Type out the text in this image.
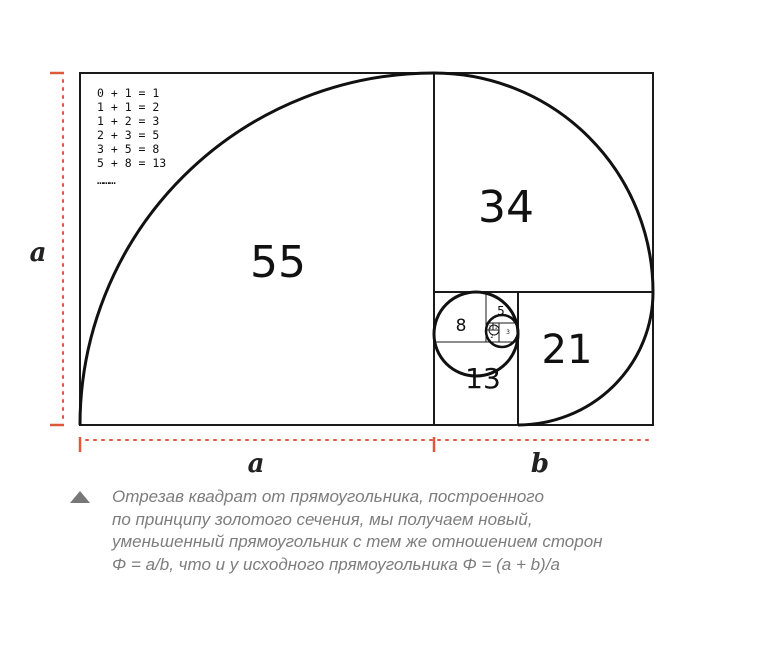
55
34
21
13
8
5
3
2
1 1
0 + 1 = 1
1 + 1 = 2
1 + 2 = 3
2 + 3 = 5
3 + 5 = 8
5 + 8 = 13
………
a
a	b
Отрезав квадрат от прямоугольника, построенного
по принципу золотого сечения, мы получаем новый,
уменьшенный прямоугольник с тем же отношением сторон
Φ = a/b, что и у исходного прямоугольника Φ = (a + b)/a
